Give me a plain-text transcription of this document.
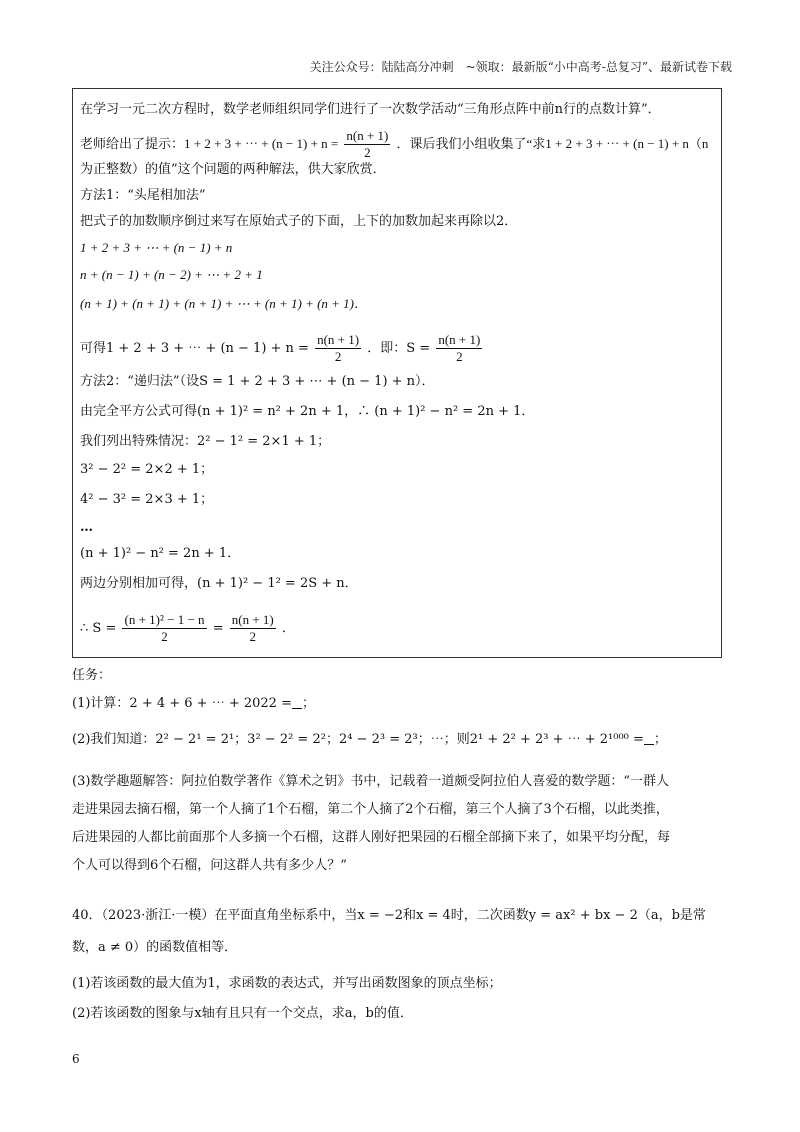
关注公众号：陆陆高分冲刺　~领取：最新版“小中高考-总复习”、最新试卷下载
在学习一元二次方程时，数学老师组织同学们进行了一次数学活动“三角形点阵中前n行的点数计算”．
老师给出了提示：1 + 2 + 3 + ⋯ + $(n - 1) + n = \frac{n(n + 1)}{2}$ ．课后我们小组收集了“求1 + 2 + 3 + ⋯ + (n − 1) + n（n
为正整数）的值”这个问题的两种解法，供大家欣赏．
方法1：“头尾相加法”
把式子的加数顺序倒过来写在原始式子的下面，上下的加数加起来再除以2．
1 + 2 + 3 + ⋯ + (n − 1) + n
n + (n − 1) + (n − 2) + ⋯ + 2 + 1
(n + 1) + (n + 1) + (n + 1) + ⋯ + (n + 1) + (n + 1)．
可得1 + 2 + 3 + ⋯ + $(n - 1) + n = \frac{n(n + 1)}{2}$ ．即：$S = \frac{n(n + 1)}{2}$
方法2：“递归法”（设S = 1 + 2 + 3 + ⋯ + (n − 1) + n）．
由完全平方公式可得(n + 1)² = n² + 2n + 1，∴ (n + 1)² − n² = 2n + 1．
我们列出特殊情况：2² − 1² = 2×1 + 1；
3² − 2² = 2×2 + 1；
4² − 3² = 2×3 + 1；
…
(n + 1)² − n² = 2n + 1．
两边分别相加可得，(n + 1)² − 1² = 2S + n．
∴ $S = \frac{\text{(n + 1)² − 1 − n}}{2} = \frac{n(n + 1)}{2}$ ．
任务：
(1)计算：2 + 4 + 6 + ⋯ + 2022 = ；
(2)我们知道：2² − 2¹ = 2¹；3² − 2² = 2²；2⁴ − 2³ = 2³；⋯；则2¹ + 2² + 2³ + ⋯ + 2¹⁰⁰⁰ = ；
(3)数学趣题解答：阿拉伯数学著作《算术之钥》书中，记载着一道颇受阿拉伯人喜爱的数学题：“一群人
走进果园去摘石榴，第一个人摘了1个石榴，第二个人摘了2个石榴，第三个人摘了3个石榴，以此类推，
后进果园的人都比前面那个人多摘一个石榴，这群人刚好把果园的石榴全部摘下来了，如果平均分配，每
个人可以得到6个石榴，问这群人共有多少人？”
40．（2023·浙江·一模）在平面直角坐标系中，当x = −2和x = 4时，二次函数y = ax² + bx − 2（a，b是常
数，a ≠ 0）的函数值相等．
(1)若该函数的最大值为1，求函数的表达式，并写出函数图象的顶点坐标；
(2)若该函数的图象与x轴有且只有一个交点，求a，b的值．
6
